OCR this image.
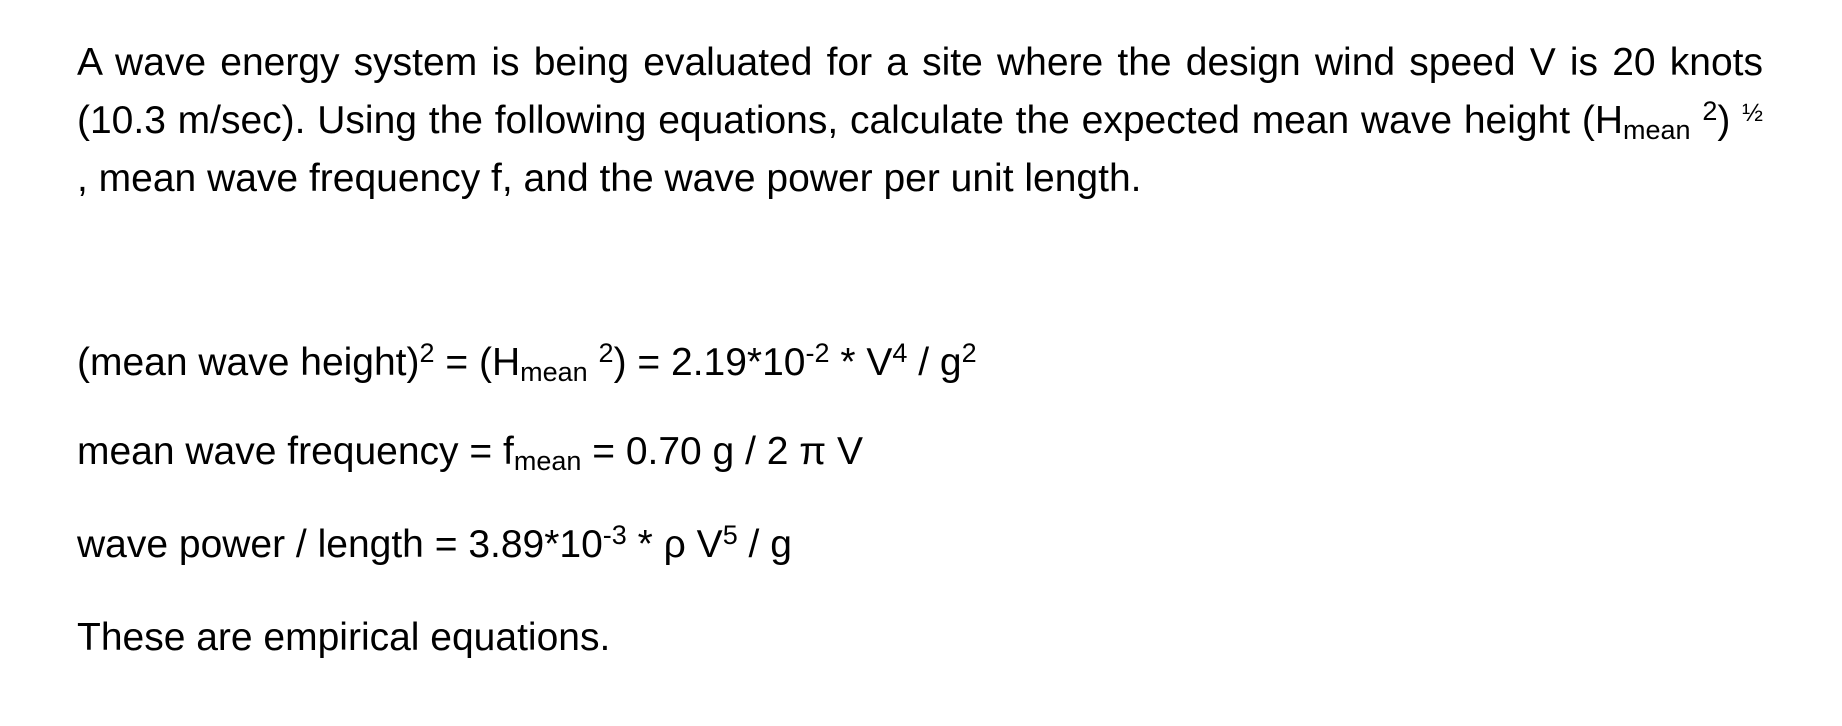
A wave energy system is being evaluated for a site where the design wind speed V is 20 knots (10.3 m/sec). Using the following equations, calculate the expected mean wave height ($H_{mean}$ $^2$) $^{\frac{1}{2}}$ , mean wave frequency f, and the wave power per unit length.

(mean wave height)$^2$ = ($H_{mean}$ $^2) = 2.19*10^{-2} * V^4 / g^2$

mean wave frequency = $f_{mean} = 0.70$ g / 2 π V

wave power / length = $3.89*10^{-3}$ * ρ $V^5$ / g

These are empirical equations.
